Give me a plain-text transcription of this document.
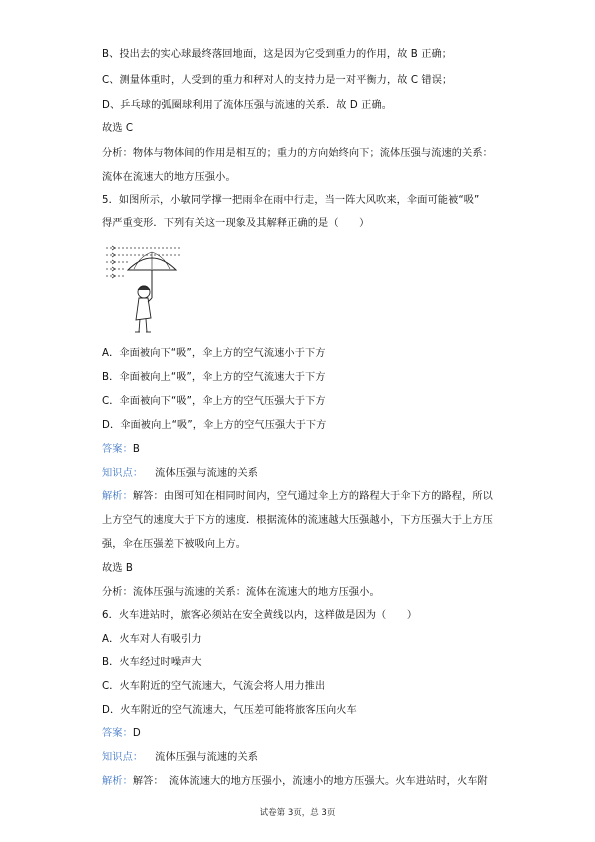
B、投出去的实心球最终落回地面，这是因为它受到重力的作用，故 B 正确；
C、测量体重时，人受到的重力和秤对人的支持力是一对平衡力，故 C 错误；
D、乒乓球的弧圈球利用了流体压强与流速的关系．故 D 正确。
故选 C
分析：物体与物体间的作用是相互的；重力的方向始终向下；流体压强与流速的关系：
流体在流速大的地方压强小。
5．如图所示，小敏同学撑一把雨伞在雨中行走，当一阵大风吹来，伞面可能被“吸”
得严重变形．下列有关这一现象及其解释正确的是（　　）
A．伞面被向下“吸”，伞上方的空气流速小于下方
B．伞面被向上“吸”，伞上方的空气流速大于下方
C．伞面被向下“吸”，伞上方的空气压强大于下方
D．伞面被向上“吸”，伞上方的空气压强大于下方
答案：B
知识点： 流体压强与流速的关系
解析：解答：由图可知在相同时间内，空气通过伞上方的路程大于伞下方的路程，所以
上方空气的速度大于下方的速度．根据流体的流速越大压强越小，下方压强大于上方压
强，伞在压强差下被吸向上方。
故选 B
分析：流体压强与流速的关系：流体在流速大的地方压强小。
6．火车进站时，旅客必须站在安全黄线以内，这样做是因为（　　）
A．火车对人有吸引力
B．火车经过时噪声大
C．火车附近的空气流速大，气流会将人用力推出
D．火车附近的空气流速大，气压差可能将旅客压向火车
答案：D
知识点： 流体压强与流速的关系
解析：解答：　流体流速大的地方压强小，流速小的地方压强大。火车进站时，火车附
试卷第 3页，总 3页
